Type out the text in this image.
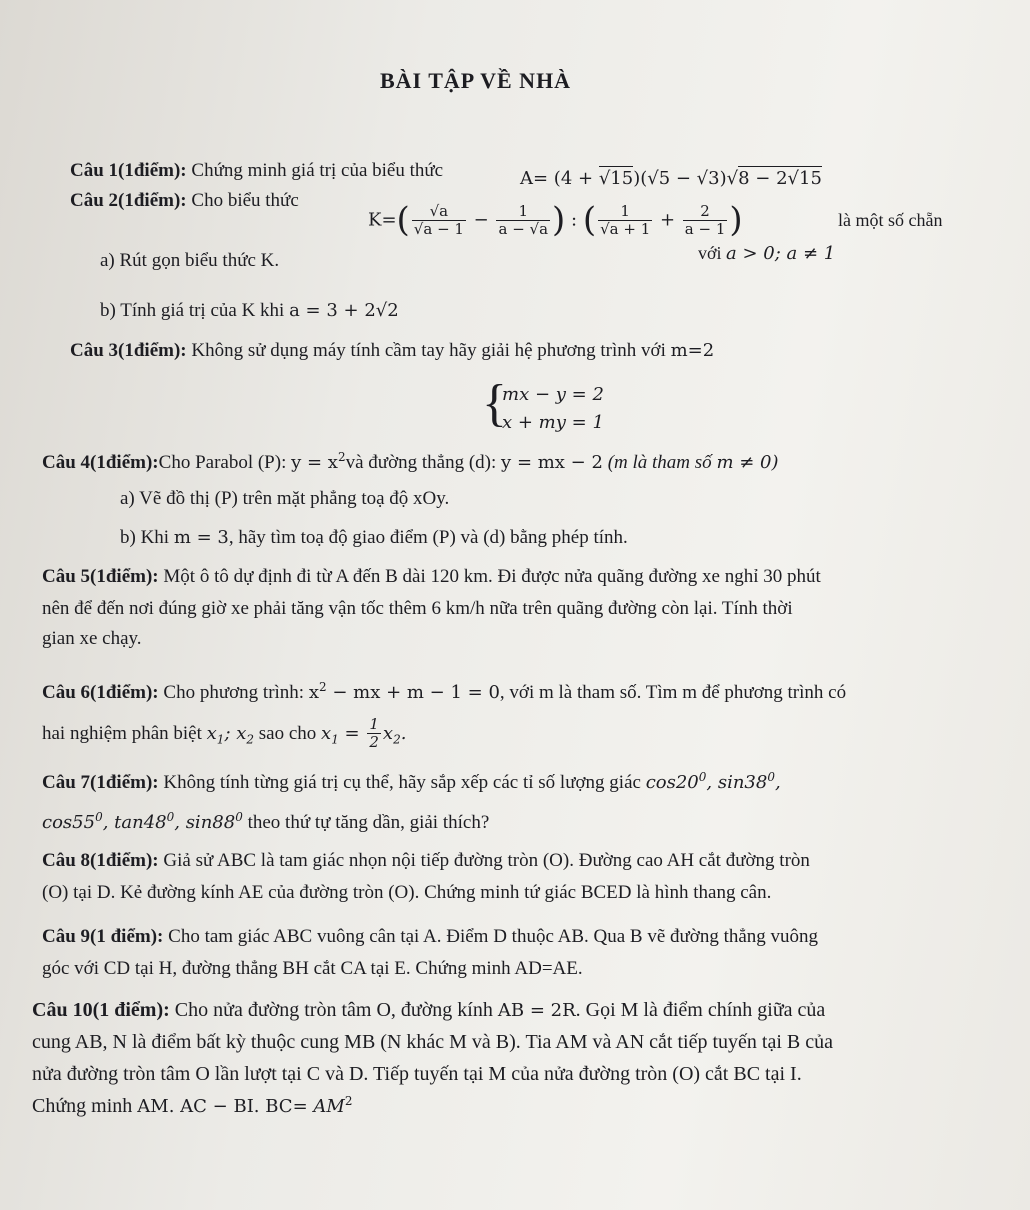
BÀI TẬP VỀ NHÀ
Câu 1(1điểm): Chứng minh giá trị của biểu thức	A= (4 + √15)(√5 − √3)√8 − 2√15
là một số chẵn
Câu 2(1điểm): Cho biểu thức
$K=( \frac{√a}{√a - 1} - \frac{1}{a - √a}$ ) : ( $\frac{1}{√a + 1} + \frac{2}{a - 1}$ )
với a > 0; a ≠ 1
a) Rút gọn biểu thức K.
b) Tính giá trị của K khi a = 3 + 2√2
Câu 3(1điểm): Không sử dụng máy tính cầm tay hãy giải hệ phương trình với m=2
{
mx − y = 2
x + my = 1
Câu 4(1điểm):Cho Parabol (P): $y = x^2và$ đường thẳng (d): y = mx − 2 (m là tham số m ≠ 0)
a) Vẽ đồ thị (P) trên mặt phẳng toạ độ xOy.
b) Khi m = 3, hãy tìm toạ độ giao điểm (P) và (d) bằng phép tính.
Câu 5(1điểm): Một ô tô dự định đi từ A đến B dài 120 km. Đi được nửa quãng đường xe nghỉ 30 phút
nên để đến nơi đúng giờ xe phải tăng vận tốc thêm 6 km/h nữa trên quãng đường còn lại. Tính thời
gian xe chạy.
Câu 6(1điểm): Cho phương trình: $x^2$ − mx + m − 1 = 0, với m là tham số. Tìm m để phương trình có
hai nghiệm phân biệt $x_1$; $x_2$ sao cho $x_1 = \frac{1}{2} x_2$.
Câu 7(1điểm): Không tính từng giá trị cụ thể, hãy sắp xếp các tỉ số lượng giác $\cos 20^0$, $\sin 38^0$,
$\cos 55^0$, $\tan 48^0$, $\sin 88^0$ theo thứ tự tăng dần, giải thích?
Câu 8(1điểm): Giả sử ABC là tam giác nhọn nội tiếp đường tròn (O). Đường cao AH cắt đường tròn
(O) tại D. Kẻ đường kính AE của đường tròn (O). Chứng minh tứ giác BCED là hình thang cân.
Câu 9(1 điểm): Cho tam giác ABC vuông cân tại A. Điểm D thuộc AB. Qua B vẽ đường thẳng vuông
góc với CD tại H, đường thẳng BH cắt CA tại E. Chứng minh AD=AE.
Câu 10(1 điểm): Cho nửa đường tròn tâm O, đường kính AB = 2R. Gọi M là điểm chính giữa của
cung AB, N là điểm bất kỳ thuộc cung MB (N khác M và B). Tia AM và AN cắt tiếp tuyến tại B của
nửa đường tròn tâm O lần lượt tại C và D. Tiếp tuyến tại M của nửa đường tròn (O) cắt BC tại I.
Chứng minh AM. AC − BI. $BC= AM^2$
